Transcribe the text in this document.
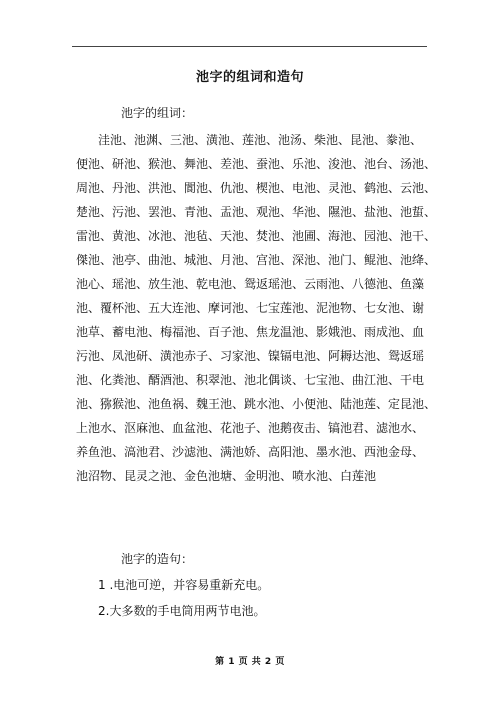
池字的组词和造句
池字的组词：
洼池、池渊、三池、潢池、莲池、池汤、柴池、昆池、豢池、
便池、研池、猴池、舞池、差池、蚕池、乐池、浚池、池台、汤池、
周池、丹池、洪池、閬池、仇池、楔池、电池、灵池、鹤池、云池、
楚池、污池、罢池、青池、盂池、观池、华池、隰池、盐池、池蜇、
雷池、黄池、冰池、池毡、天池、焚池、池圃、海池、园池、池干、
傑池、池亭、曲池、城池、月池、宫池、深池、池门、鲲池、池绛、
池心、瑶池、放生池、乾电池、鸳返瑶池、云雨池、八德池、鱼藻
池、覆杯池、五大连池、摩诃池、七宝莲池、泥池物、七女池、谢
池草、蓄电池、梅福池、百子池、焦龙温池、影娥池、雨成池、血
污池、凤池研、潢池赤子、习家池、镍镉电池、阿耨达池、鸳返瑶
池、化粪池、醑酒池、积翠池、池北偶谈、七宝池、曲江池、干电
池、猕猴池、池鱼祸、魏王池、跳水池、小便池、陆池莲、定昆池、
上池水、沤麻池、血盆池、花池子、池鹅夜击、镐池君、滤池水、
养鱼池、滈池君、沙滤池、满池娇、高阳池、墨水池、西池金母、
池沼物、昆灵之池、金色池塘、金明池、喷水池、白莲池
池字的造句：
1 .电池可逆，并容易重新充电。
2.大多数的手电筒用两节电池。
第 1 页 共 2 页
